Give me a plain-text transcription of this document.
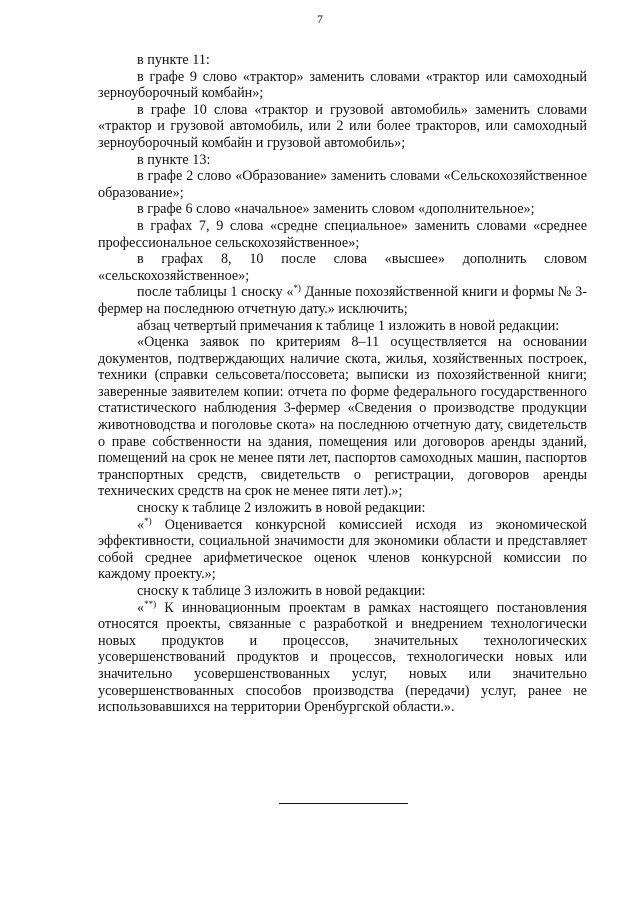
7

в пункте 11:

в графе 9 слово «трактор» заменить словами «трактор или самоходный зерноуборочный комбайн»;

в графе 10 слова «трактор и грузовой автомобиль» заменить словами «трактор и грузовой автомобиль, или 2 или более тракторов, или самоходный зерноуборочный комбайн и грузовой автомобиль»;

в пункте 13:

в графе 2 слово «Образование» заменить словами «Сельскохозяйственное образование»;

в графе 6 слово «начальное» заменить словом «дополнительное»;

в графах 7, 9 слова «средне специальное» заменить словами «среднее профессиональное сельскохозяйственное»;

в графах 8, 10 после слова «высшее» дополнить словом «сельскохозяйственное»;

после таблицы 1 сноску «*) Данные похозяйственной книги и формы № 3-фермер на последнюю отчетную дату.» исключить;

абзац четвертый примечания к таблице 1 изложить в новой редакции:

«Оценка заявок по критериям 8–11 осуществляется на основании документов, подтверждающих наличие скота, жилья, хозяйственных построек, техники (справки сельсовета/поссовета; выписки из похозяйственной книги; заверенные заявителем копии: отчета по форме федерального государственного статистического наблюдения 3-фермер «Сведения о производстве продукции животноводства и поголовье скота» на последнюю отчетную дату, свидетельств о праве собственности на здания, помещения или договоров аренды зданий, помещений на срок не менее пяти лет, паспортов самоходных машин, паспортов транспортных средств, свидетельств о регистрации, договоров аренды технических средств на срок не менее пяти лет).»;

сноску к таблице 2 изложить в новой редакции:

«*) Оценивается конкурсной комиссией исходя из экономической эффективности, социальной значимости для экономики области и представляет собой среднее арифметическое оценок членов конкурсной комиссии по каждому проекту.»;

сноску к таблице 3 изложить в новой редакции:

«**) К инновационным проектам в рамках настоящего постановления относятся проекты, связанные с разработкой и внедрением технологически новых продуктов и процессов, значительных технологических усовершенствований продуктов и процессов, технологически новых или значительно усовершенствованных услуг, новых или значительно усовершенствованных способов производства (передачи) услуг, ранее не использовавшихся на территории Оренбургской области.».
